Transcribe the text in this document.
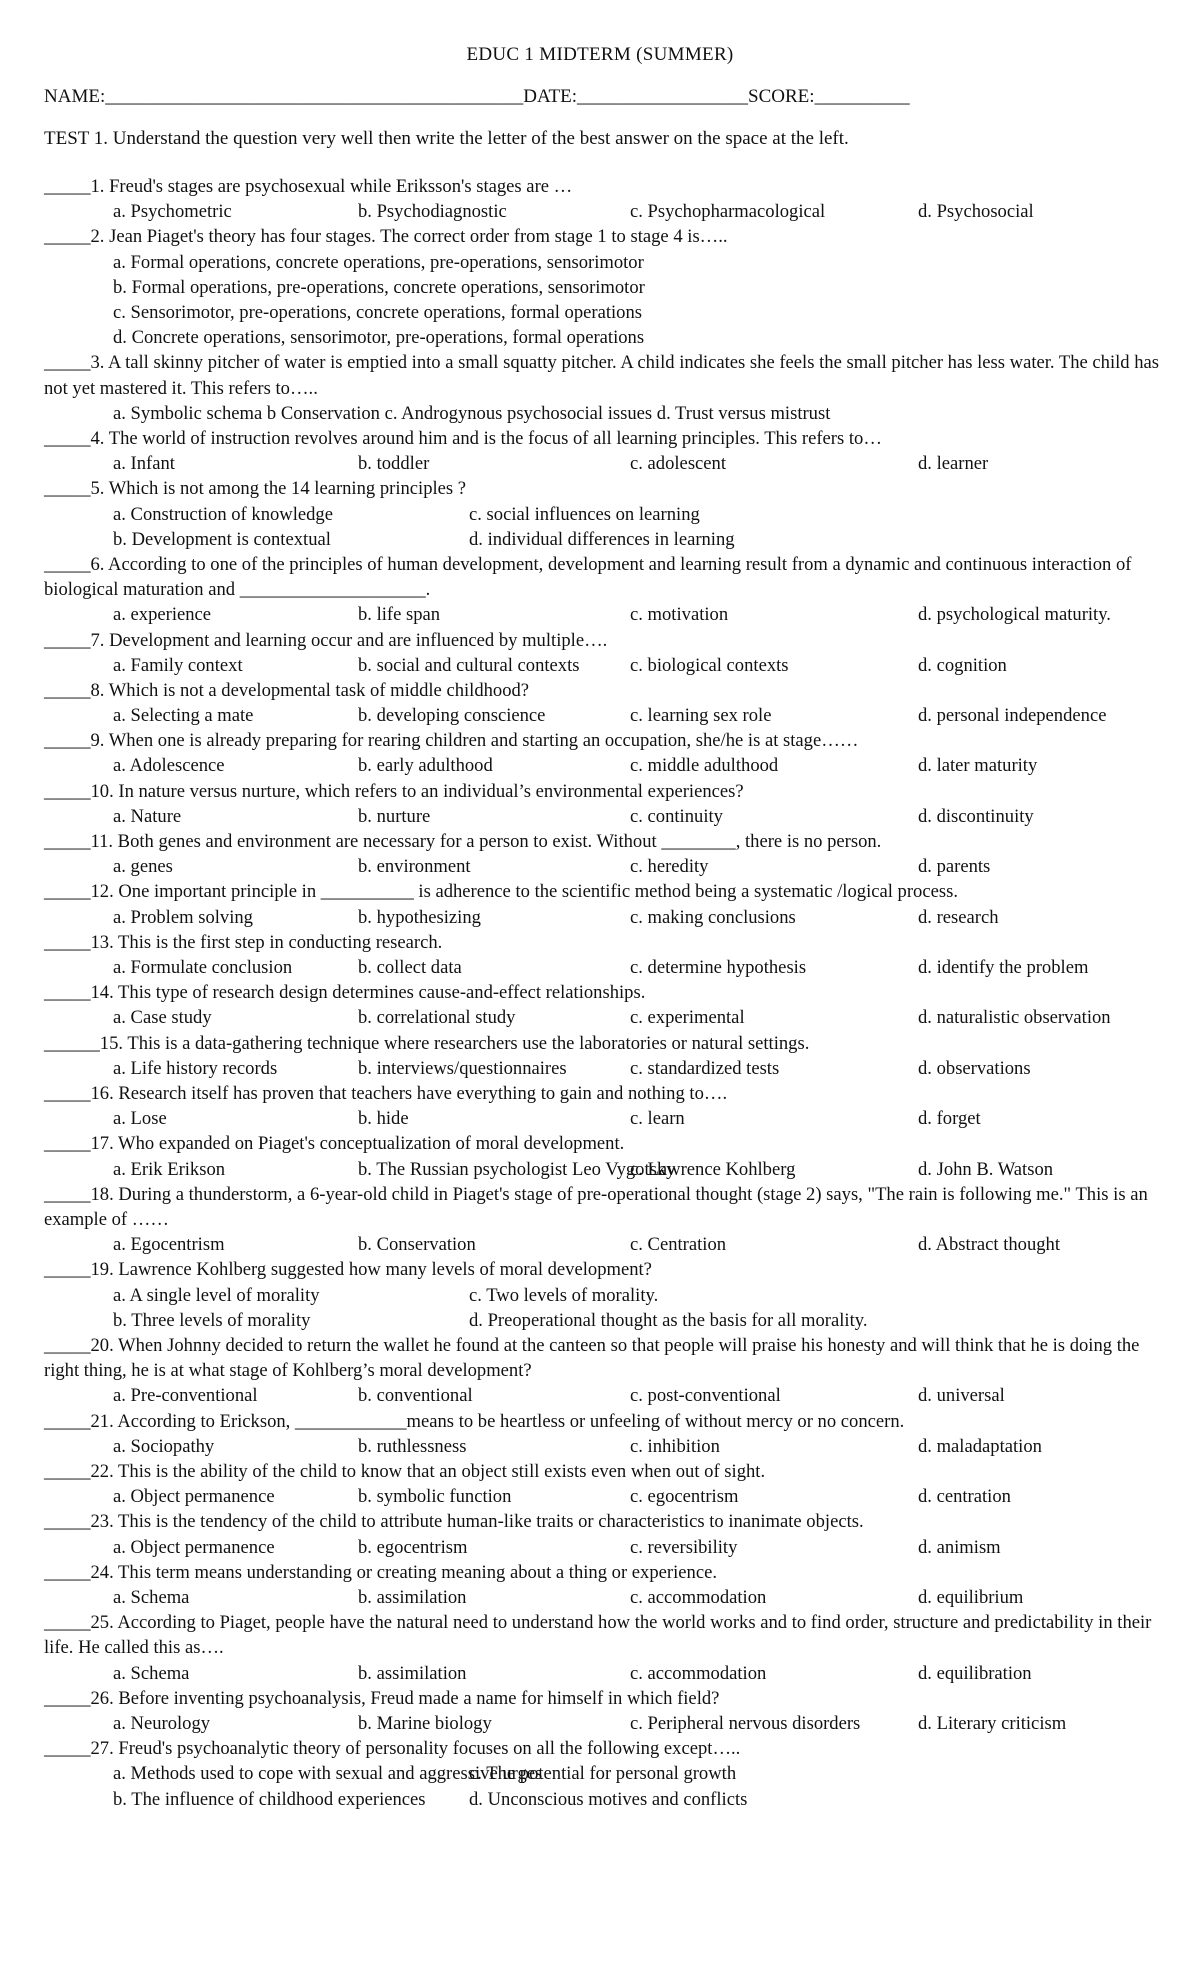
EDUC 1 MIDTERM (SUMMER)
NAME:____________________________________________DATE:__________________SCORE:__________
TEST 1. Understand the question very well then write the letter of the best answer on the space at the left.
_____1. Freud's stages are psychosexual while Eriksson's stages are …
a. Psychometric	b. Psychodiagnostic	c. Psychopharmacological	d. Psychosocial
_____2. Jean Piaget's theory has four stages. The correct order from stage 1 to stage 4 is…..
a. Formal operations, concrete operations, pre-operations, sensorimotor
b. Formal operations, pre-operations, concrete operations, sensorimotor
c. Sensorimotor, pre-operations, concrete operations, formal operations
d. Concrete operations, sensorimotor, pre-operations, formal operations
_____3. A tall skinny pitcher of water is emptied into a small squatty pitcher. A child indicates she feels the small pitcher has less water. The child has not yet mastered it. This refers to…..
a. Symbolic schema b Conservation c. Androgynous psychosocial issues d. Trust versus mistrust
_____4. The world of instruction revolves around him and is the focus of all learning principles. This refers to…
a. Infant	b. toddler	c. adolescent	d. learner
_____5. Which is not among the 14 learning principles ?
a. Construction of knowledge	c. social influences on learning
b. Development is contextual	d. individual differences in learning
_____6. According to one of the principles of human development, development and learning result from a dynamic and continuous interaction of biological maturation and ____________________.
a. experience	b. life span	c. motivation	d. psychological maturity.
_____7. Development and learning occur and are influenced by multiple….
a. Family context	b. social and cultural contexts	c. biological contexts	d. cognition
_____8. Which is not a developmental task of middle childhood?
a. Selecting a mate	b. developing conscience	c. learning sex role	d. personal independence
_____9. When one is already preparing for rearing children and starting an occupation, she/he is at stage……
a. Adolescence	b. early adulthood	c. middle adulthood	d. later maturity
_____10. In nature versus nurture, which refers to an individual’s environmental experiences?
a. Nature	b. nurture	c. continuity	d. discontinuity
_____11. Both genes and environment are necessary for a person to exist. Without ________, there is no person.
a. genes	b. environment	c. heredity	d. parents
_____12. One important principle in __________ is adherence to the scientific method being a systematic /logical process.
a. Problem solving	b. hypothesizing	c. making conclusions	d. research
_____13. This is the first step in conducting research.
a. Formulate conclusion	b. collect data	c. determine hypothesis	d. identify the problem
_____14. This type of research design determines cause-and-effect relationships.
a. Case study	b. correlational study	c. experimental	d. naturalistic observation
______15. This is a data-gathering technique where researchers use the laboratories or natural settings.
a. Life history records	b. interviews/questionnaires	c. standardized tests	d. observations
_____16. Research itself has proven that teachers have everything to gain and nothing to….
a. Lose	b. hide	c. learn	d. forget
_____17. Who expanded on Piaget's conceptualization of moral development.
a. Erik Erikson	b. The Russian psychologist Leo Vygotsky
c. Lawrence Kohlberg	d. John B. Watson
_____18. During a thunderstorm, a 6-year-old child in Piaget's stage of pre-operational thought (stage 2) says, "The rain is following me." This is an example of ……
a. Egocentrism	b. Conservation	c. Centration	d. Abstract thought
_____19. Lawrence Kohlberg suggested how many levels of moral development?
a. A single level of morality	c. Two levels of morality.
b. Three levels of morality	d. Preoperational thought as the basis for all morality.
_____20. When Johnny decided to return the wallet he found at the canteen so that people will praise his honesty and will think that he is doing the right thing, he is at what stage of Kohlberg’s moral development?
a. Pre-conventional	b. conventional	c. post-conventional	d. universal
_____21. According to Erickson, ____________means to be heartless or unfeeling of without mercy or no concern.
a. Sociopathy	b. ruthlessness	c. inhibition	d. maladaptation
_____22. This is the ability of the child to know that an object still exists even when out of sight.
a. Object permanence	b. symbolic function	c. egocentrism	d. centration
_____23. This is the tendency of the child to attribute human-like traits or characteristics to inanimate objects.
a. Object permanence	b. egocentrism	c. reversibility	d. animism
_____24. This term means understanding or creating meaning about a thing or experience.
a. Schema	b. assimilation	c. accommodation	d. equilibrium
_____25. According to Piaget, people have the natural need to understand how the world works and to find order, structure and predictability in their life. He called this as….
a. Schema	b. assimilation	c. accommodation	d. equilibration
_____26. Before inventing psychoanalysis, Freud made a name for himself in which field?
a. Neurology	b. Marine biology	c. Peripheral nervous disorders	d. Literary criticism
_____27. Freud's psychoanalytic theory of personality focuses on all the following except…..
a. Methods used to cope with sexual and aggressive urges
c. The potential for personal growth
b. The influence of childhood experiences d. Unconscious motives and conflicts
